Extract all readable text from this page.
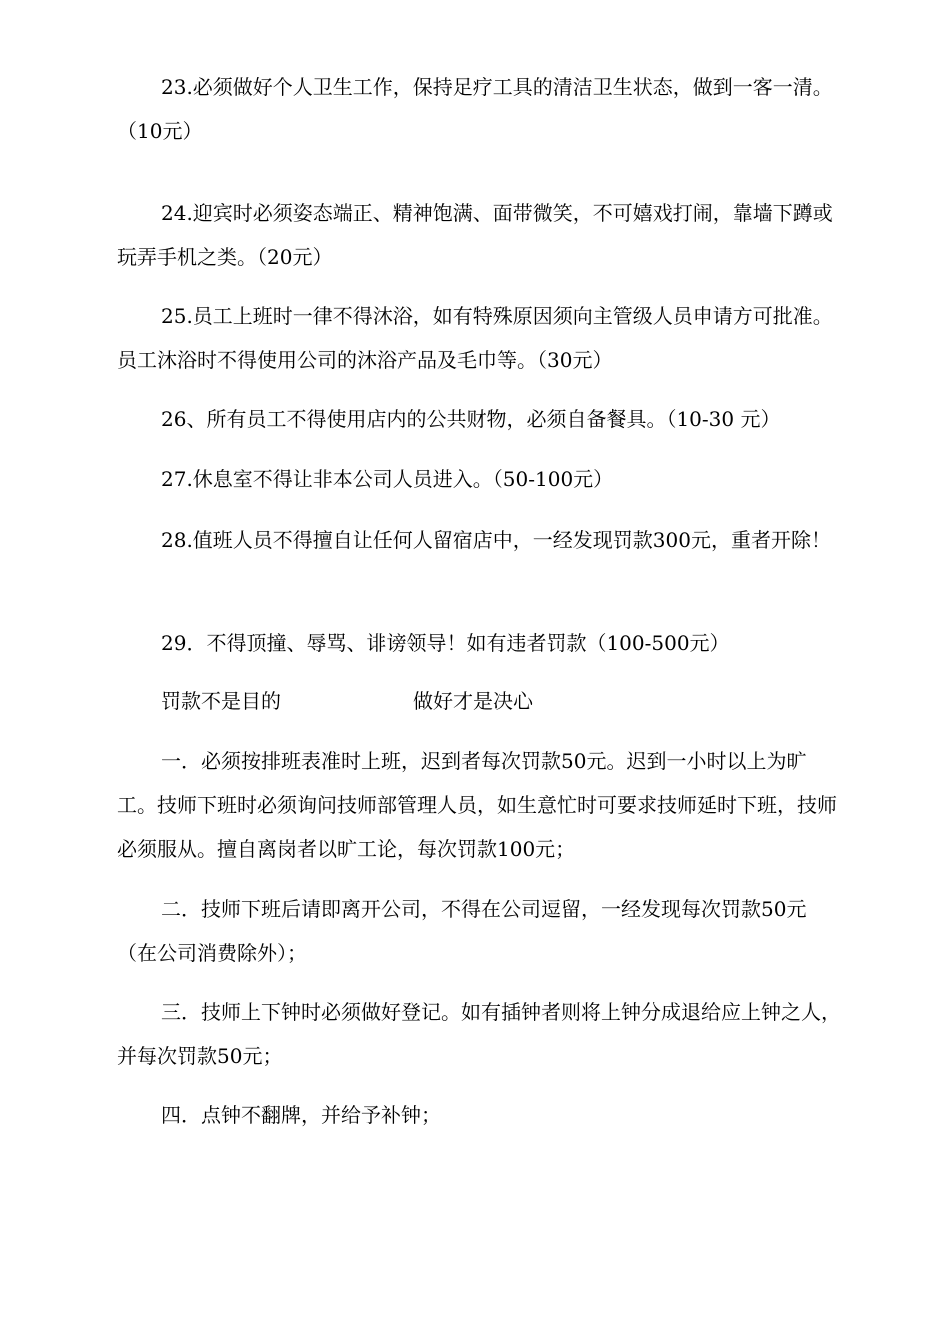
23.必须做好个人卫生工作，保持足疗工具的清洁卫生状态，做到一客一清。（10元）

24.迎宾时必须姿态端正、精神饱满、面带微笑，不可嬉戏打闹，靠墙下蹲或玩弄手机之类。（20元）

25.员工上班时一律不得沐浴，如有特殊原因须向主管级人员申请方可批准。员工沐浴时不得使用公司的沐浴产品及毛巾等。（30元）

26、所有员工不得使用店内的公共财物，必须自备餐具。（10-30 元）

27.休息室不得让非本公司人员进入。（50-100元）

28.值班人员不得擅自让任何人留宿店中，一经发现罚款300元，重者开除！

29．不得顶撞、辱骂、诽谤领导！如有违者罚款（100-500元）

罚款不是目的	做好才是决心

一．必须按排班表准时上班，迟到者每次罚款50元。迟到一小时以上为旷工。技师下班时必须询问技师部管理人员，如生意忙时可要求技师延时下班，技师必须服从。擅自离岗者以旷工论，每次罚款100元；

二．技师下班后请即离开公司，不得在公司逗留，一经发现每次罚款50元（在公司消费除外）；

三．技师上下钟时必须做好登记。如有插钟者则将上钟分成退给应上钟之人，并每次罚款50元；

四．点钟不翻牌，并给予补钟；
